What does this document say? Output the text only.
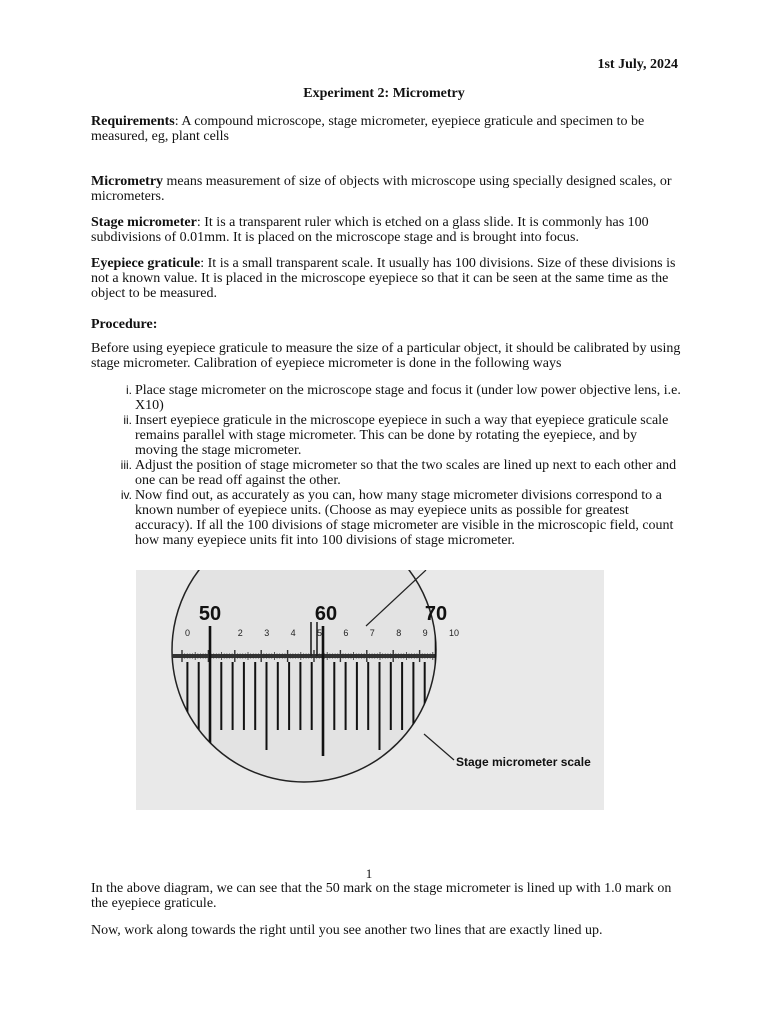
1st July, 2024
Experiment 2: Micrometry

Requirements: A compound microscope, stage micrometer, eyepiece graticule and specimen to be measured, eg, plant cells

Micrometry means measurement of size of objects with microscope using specially designed scales, or micrometers.

Stage micrometer: It is a transparent ruler which is etched on a glass slide. It is commonly has 100 subdivisions of 0.01mm. It is placed on the microscope stage and is brought into focus.

Eyepiece graticule: It is a small transparent scale. It usually has 100 divisions. Size of these divisions is not a known value. It is placed in the microscope eyepiece so that it can be seen at the same time as the object to be measured.

Procedure:

Before using eyepiece graticule to measure the size of a particular object, it should be calibrated by using stage micrometer. Calibration of eyepiece micrometer is done in the following ways

i. Place stage micrometer on the microscope stage and focus it (under low power objective lens, i.e. X10)
ii. Insert eyepiece graticule in the microscope eyepiece in such a way that eyepiece graticule scale remains parallel with stage micrometer. This can be done by rotating the eyepiece, and by moving the stage micrometer.
iii. Adjust the position of stage micrometer so that the two scales are lined up next to each other and one can be read off against the other.
iv. Now find out, as accurately as you can, how many stage micrometer divisions correspond to a known number of eyepiece units. (Choose as may eyepiece units as possible for greatest accuracy). If all the 100 divisions of stage micrometer are visible in the microscopic field, count how many eyepiece units fit into 100 divisions of stage micrometer.
50	60	70
0	2 3 4 5 6 7 8 9 10
Stage micrometer scale
1

In the above diagram, we can see that the 50 mark on the stage micrometer is lined up with 1.0 mark on the eyepiece graticule.

Now, work along towards the right until you see another two lines that are exactly lined up.
